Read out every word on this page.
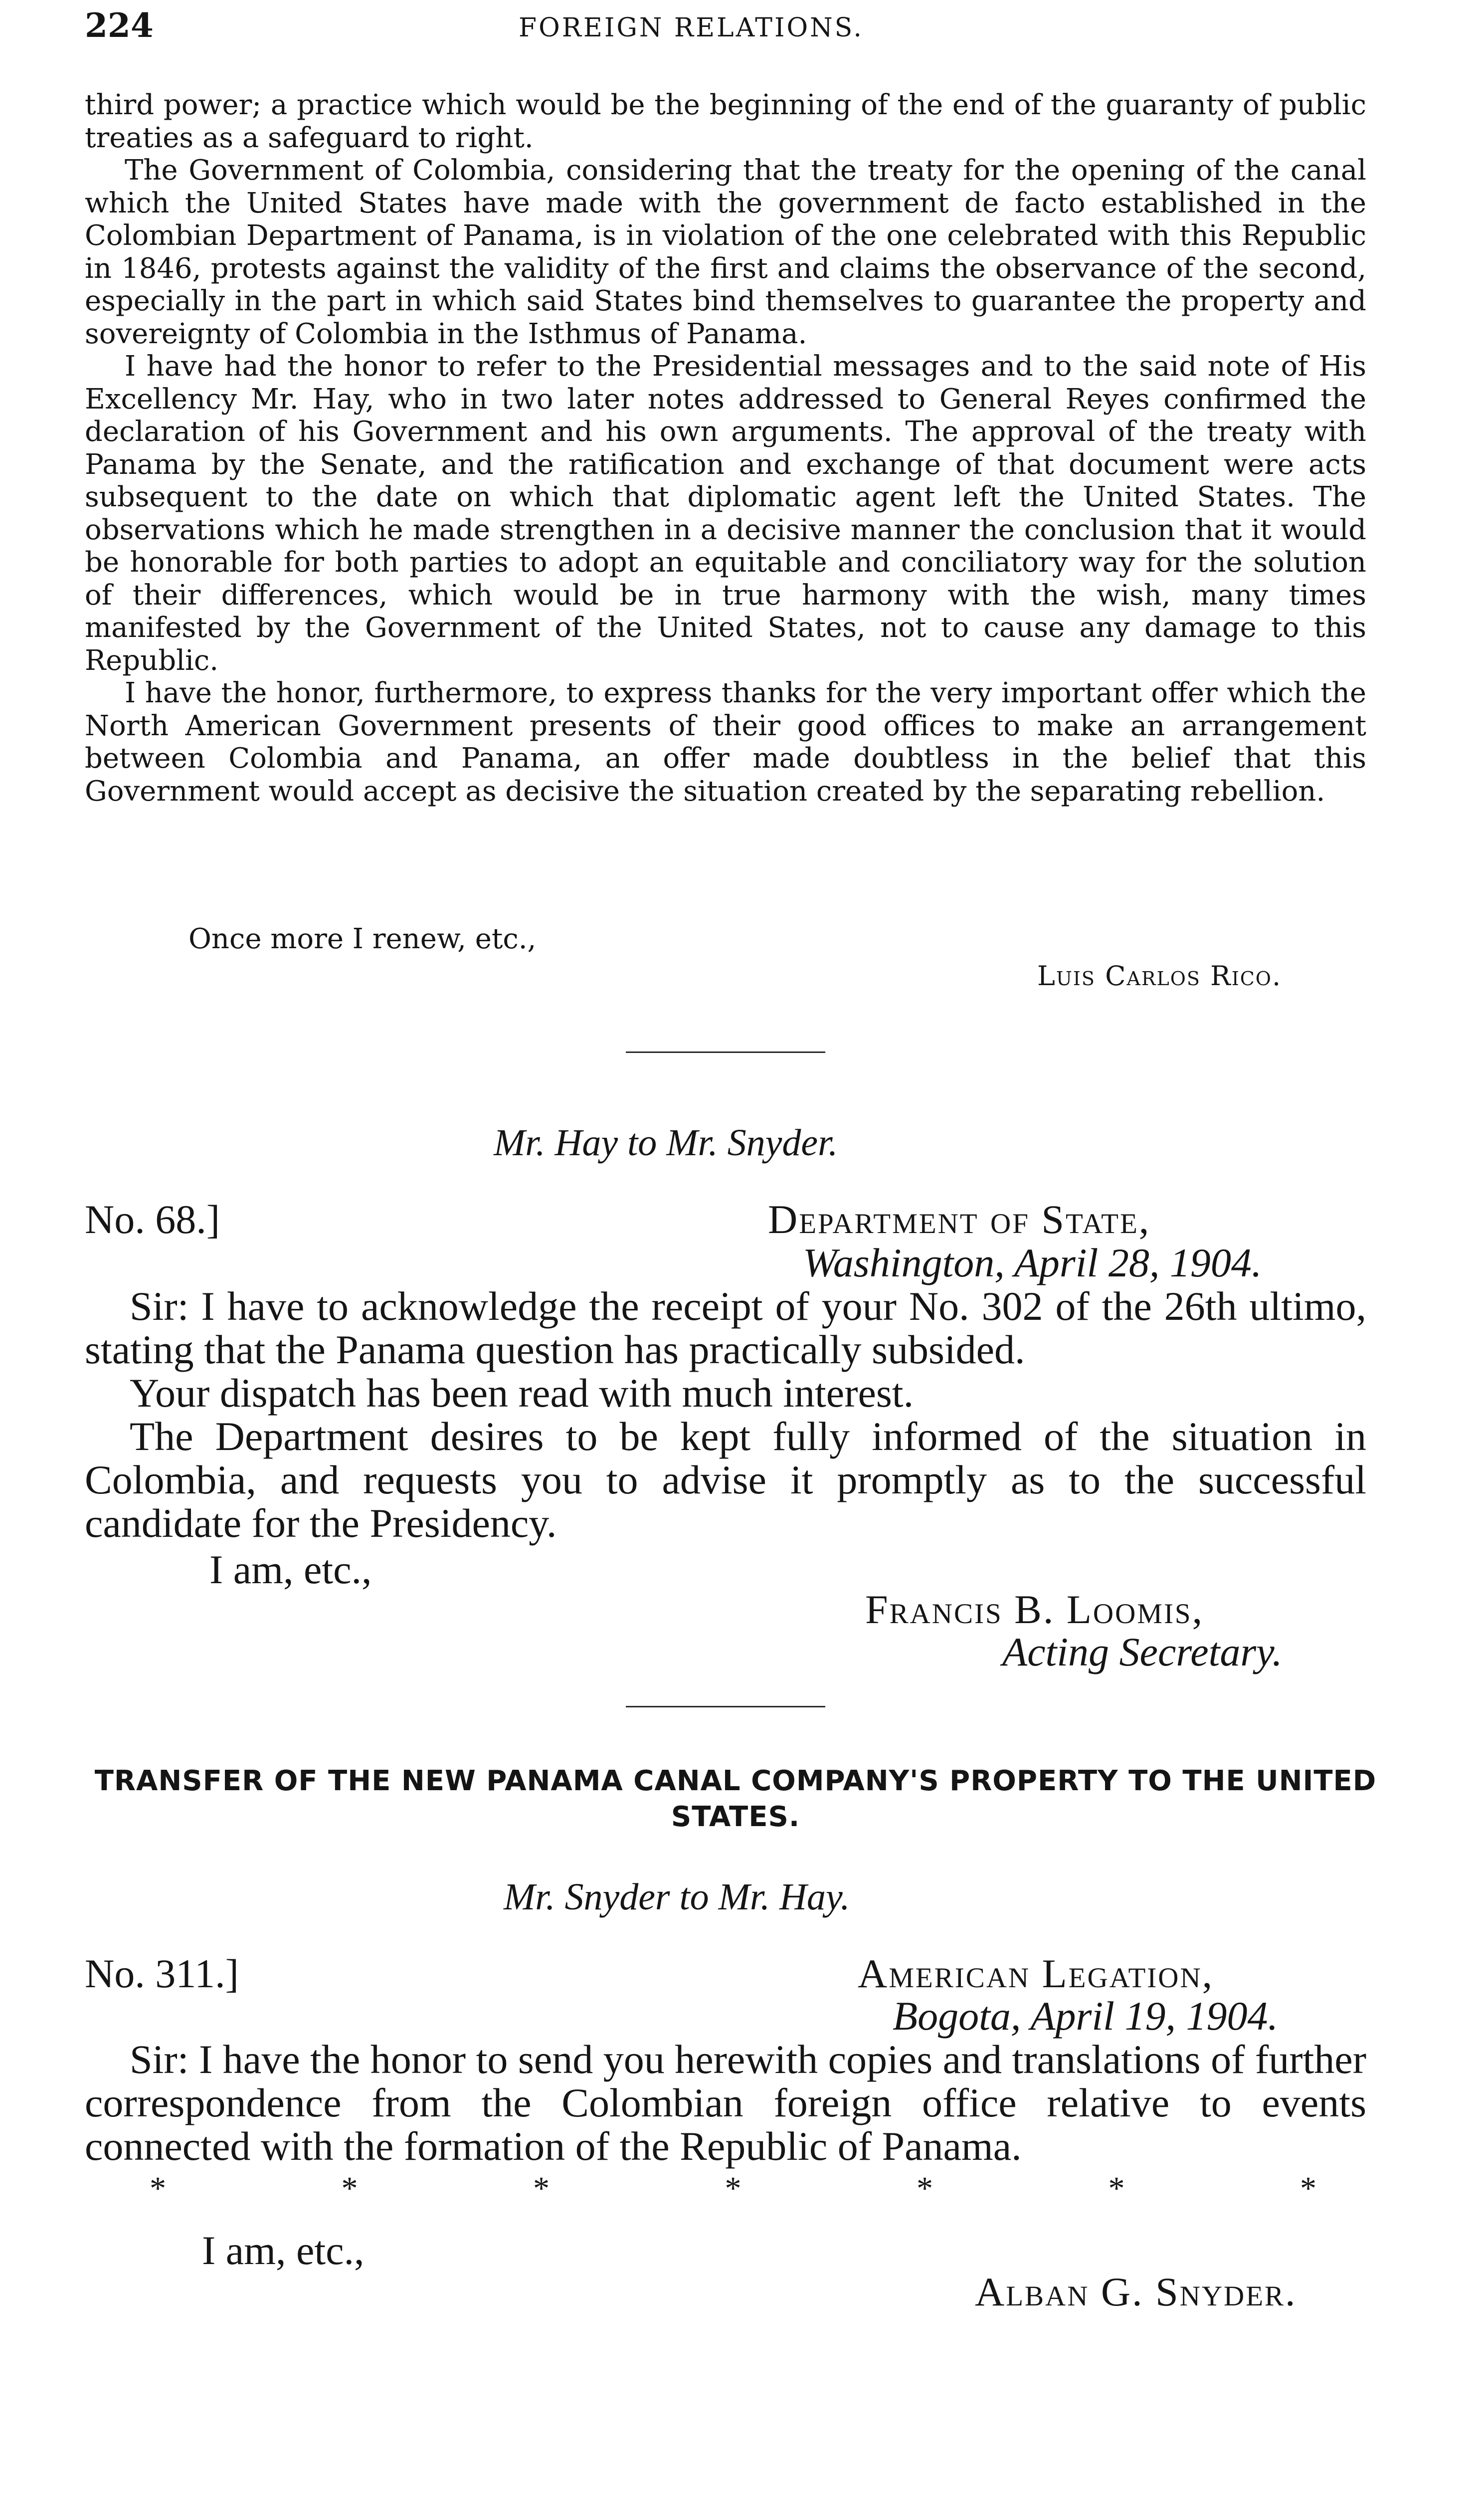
224	FOREIGN RELATIONS.

third power; a practice which would be the beginning of the end of the guaranty of public treaties as a safeguard to right.

The Government of Colombia, considering that the treaty for the opening of the canal which the United States have made with the government de facto established in the Colombian Department of Panama, is in violation of the one celebrated with this Republic in 1846, protests against the validity of the first and claims the observance of the second, especially in the part in which said States bind themselves to guarantee the property and sovereignty of Colombia in the Isthmus of Panama.

I have had the honor to refer to the Presidential messages and to the said note of His Excellency Mr. Hay, who in two later notes addressed to General Reyes confirmed the declaration of his Government and his own arguments. The approval of the treaty with Panama by the Senate, and the ratification and exchange of that document were acts subsequent to the date on which that diplomatic agent left the United States. The observations which he made strengthen in a decisive manner the conclusion that it would be honorable for both parties to adopt an equitable and conciliatory way for the solution of their differences, which would be in true harmony with the wish, many times manifested by the Government of the United States, not to cause any damage to this Republic.

I have the honor, furthermore, to express thanks for the very important offer which the North American Government presents of their good offices to make an arrangement between Colombia and Panama, an offer made doubtless in the belief that this Government would accept as decisive the situation created by the separating rebellion.

Once more I renew, etc.,
Luis Carlos Rico.
Mr. Hay to Mr. Snyder.
No. 68.]	Department of State,
Washington, April 28, 1904.

Sir: I have to acknowledge the receipt of your No. 302 of the 26th ultimo, stating that the Panama question has practically subsided.

Your dispatch has been read with much interest.

The Department desires to be kept fully informed of the situation in Colombia, and requests you to advise it promptly as to the successful candidate for the Presidency.

I am, etc.,
Francis B. Loomis,
Acting Secretary.
TRANSFER OF THE NEW PANAMA CANAL COMPANY'S PROPERTY TO THE UNITED STATES.
Mr. Snyder to Mr. Hay.
No. 311.]	American Legation,
Bogota, April 19, 1904.

Sir: I have the honor to send you herewith copies and translations of further correspondence from the Colombian foreign office relative to events connected with the formation of the Republic of Panama.

*	*	*	*	*	*	*
I am, etc.,
Alban G. Snyder.
